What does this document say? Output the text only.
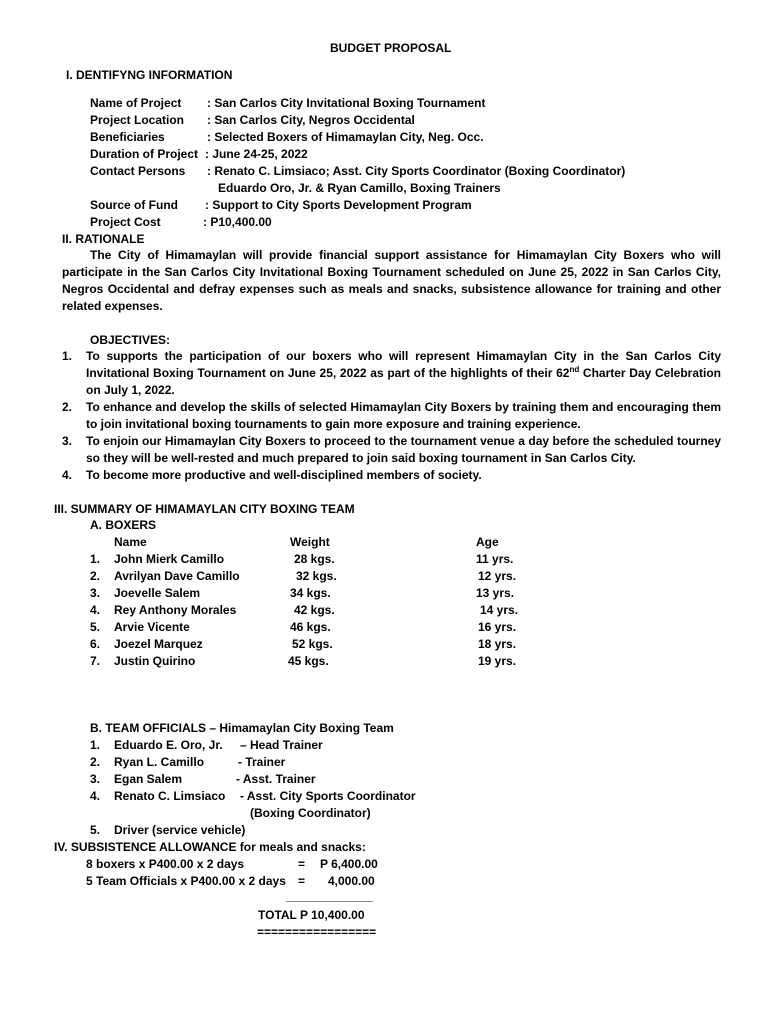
BUDGET PROPOSAL
I. DENTIFYNG INFORMATION
Name of Project : San Carlos City Invitational Boxing Tournament
Project Location : San Carlos City, Negros Occidental
Beneficiaries	: Selected Boxers of Himamaylan City, Neg. Occ.
Duration of Project : June 24-25, 2022
Contact Persons : Renato C. Limsiaco; Asst. City Sports Coordinator (Boxing Coordinator)
Eduardo Oro, Jr. & Ryan Camillo, Boxing Trainers
Source of Fund : Support to City Sports Development Program
Project Cost	: P10,400.00
II. RATIONALE
The City of Himamaylan will provide financial support assistance for Himamaylan City Boxers who will participate in the San Carlos City Invitational Boxing Tournament scheduled on June 25, 2022 in San Carlos City, Negros Occidental and defray expenses such as meals and snacks, subsistence allowance for training and other related expenses.
OBJECTIVES:
1. To supports the participation of our boxers who will represent Himamaylan City in the San Carlos City Invitational Boxing Tournament on June 25, 2022 as part of the highlights of their 62nd Charter Day Celebration on July 1, 2022.
2. To enhance and develop the skills of selected Himamaylan City Boxers by training them and encouraging them to join invitational boxing tournaments to gain more exposure and training experience.
3. To enjoin our Himamaylan City Boxers to proceed to the tournament venue a day before the scheduled tourney so they will be well-rested and much prepared to join said boxing tournament in San Carlos City.
4. To become more productive and well-disciplined members of society.
III. SUMMARY OF HIMAMAYLAN CITY BOXING TEAM
A. BOXERS
Name	Weight	Age
1. John Mierk Camillo	28 kgs.	11 yrs.
2. Avrilyan Dave Camillo	32 kgs.	12 yrs.
3. Joevelle Salem	34 kgs.	13 yrs.
4. Rey Anthony Morales	42 kgs.	14 yrs.
5. Arvie Vicente	46 kgs.	16 yrs.
6. Joezel Marquez	52 kgs.	18 yrs.
7. Justin Quirino	45 kgs.	19 yrs.
B. TEAM OFFICIALS – Himamaylan City Boxing Team
1. Eduardo E. Oro, Jr. – Head Trainer
2. Ryan L. Camillo	- Trainer
3. Egan Salem	- Asst. Trainer
4. Renato C. Limsiaco - Asst. City Sports Coordinator
(Boxing Coordinator)
5. Driver (service vehicle)
IV. SUBSISTENCE ALLOWANCE for meals and snacks:
8 boxers x P400.00 x 2 days	= P 6,400.00
5 Team Officials x P400.00 x 2 days = 4,000.00
_____________
TOTAL P 10,400.00
=================
